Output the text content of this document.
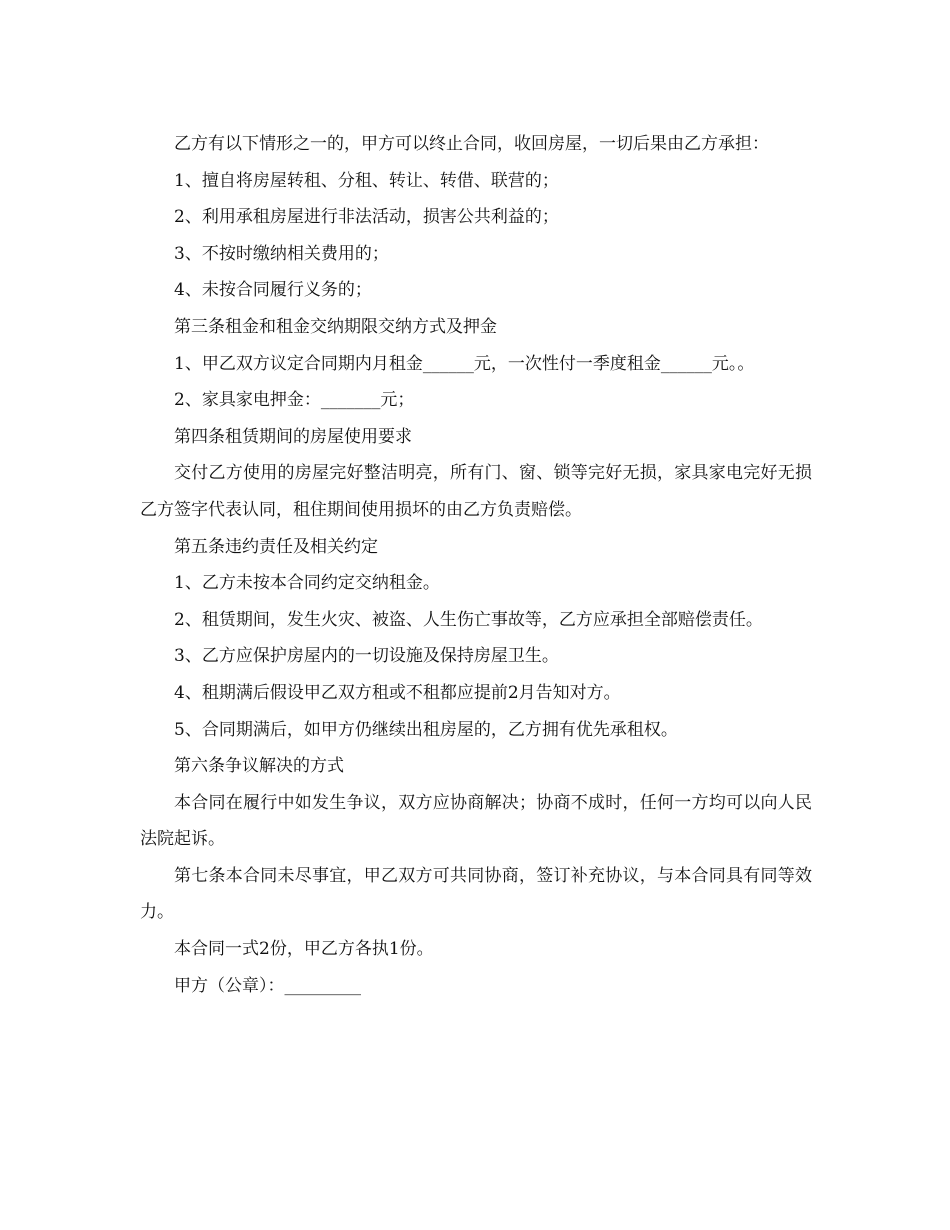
乙方有以下情形之一的，甲方可以终止合同，收回房屋，一切后果由乙方承担：

1、擅自将房屋转租、分租、转让、转借、联营的；

2、利用承租房屋进行非法活动，损害公共利益的；

3、不按时缴纳相关费用的；

4、未按合同履行义务的；

第三条租金和租金交纳期限交纳方式及押金

1、甲乙双方议定合同期内月租金______元，一次性付一季度租金______元。。

2、家具家电押金：_______元；

第四条租赁期间的房屋使用要求

交付乙方使用的房屋完好整洁明亮，所有门、窗、锁等完好无损，家具家电完好无损乙方签字代表认同，租住期间使用损坏的由乙方负责赔偿。

第五条违约责任及相关约定

1、乙方未按本合同约定交纳租金。

2、租赁期间，发生火灾、被盗、人生伤亡事故等，乙方应承担全部赔偿责任。

3、乙方应保护房屋内的一切设施及保持房屋卫生。

4、租期满后假设甲乙双方租或不租都应提前2月告知对方。

5、合同期满后，如甲方仍继续出租房屋的，乙方拥有优先承租权。

第六条争议解决的方式

本合同在履行中如发生争议，双方应协商解决；协商不成时，任何一方均可以向人民法院起诉。

第七条本合同未尽事宜，甲乙双方可共同协商，签订补充协议，与本合同具有同等效力。

本合同一式2份，甲乙方各执1份。

甲方（公章）：_________
